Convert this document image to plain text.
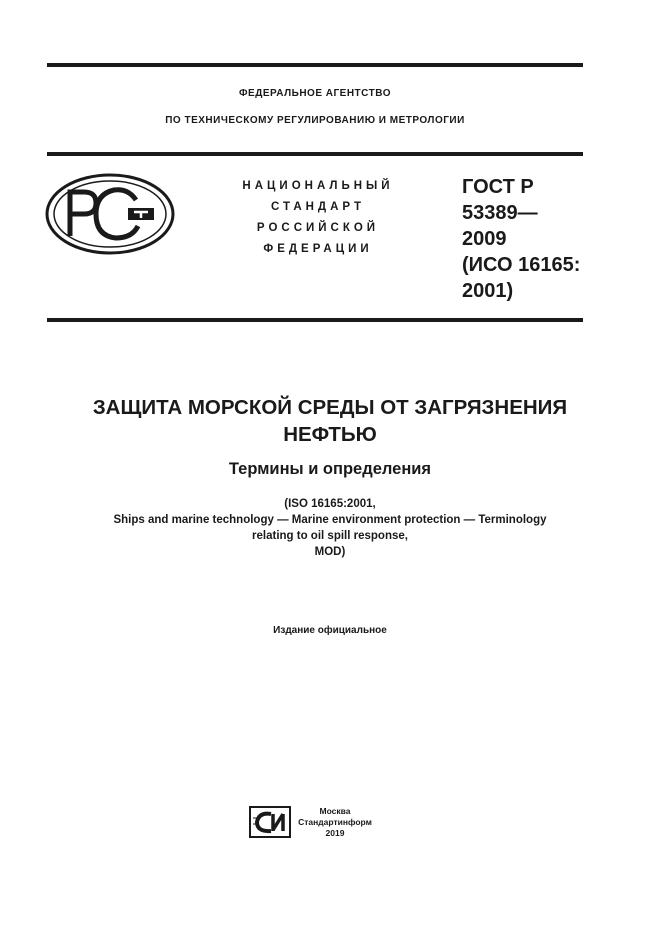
ФЕДЕРАЛЬНОЕ АГЕНТСТВО
ПО ТЕХНИЧЕСКОМУ РЕГУЛИРОВАНИЮ И МЕТРОЛОГИИ
НАЦИОНАЛЬНЫЙ
СТАНДАРТ
РОССИЙСКОЙ
ФЕДЕРАЦИИ
ГОСТ Р
53389—
2009
(ИСО 16165:
2001)
ЗАЩИТА МОРСКОЙ СРЕДЫ ОТ ЗАГРЯЗНЕНИЯ
НЕФТЬЮ
Термины и определения
(ISO 16165:2001,
Ships and marine technology — Marine environment protection — Terminology
relating to oil spill response,
MOD)
Издание официальное
Москва
Стандартинформ
2019
